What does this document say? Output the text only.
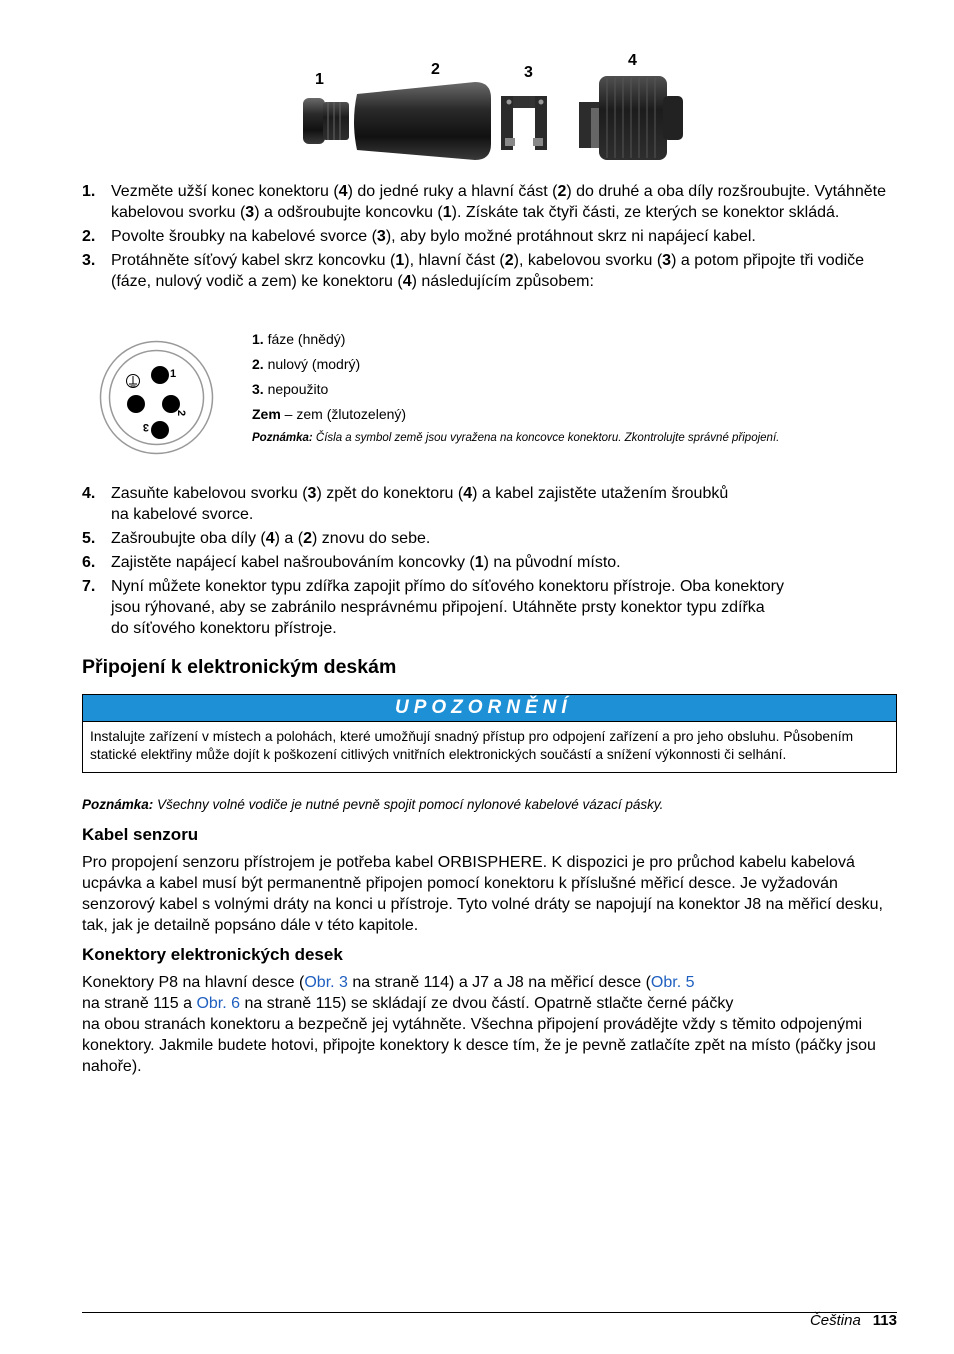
1
2	3
4
1. Vezměte užší konec konektoru (4) do jedné ruky a hlavní část (2) do druhé a oba díly rozšroubujte. Vytáhněte kabelovou svorku (3) a odšroubujte koncovku (1). Získáte tak čtyři části, ze kterých se konektor skládá.
2. Povolte šroubky na kabelové svorce (3), aby bylo možné protáhnout skrz ni napájecí kabel.
3. Protáhněte síťový kabel skrz koncovku (1), hlavní část (2), kabelovou svorku (3) a potom připojte tři vodiče (fáze, nulový vodič a zem) ke konektoru (4) následujícím způsobem:
1
2
3
1. fáze (hnědý)
2. nulový (modrý)
3. nepoužito
Zem – zem (žlutozelený)
Poznámka: Čísla a symbol země jsou vyražena na koncovce konektoru. Zkontrolujte správné připojení.
4. Zasuňte kabelovou svorku (3) zpět do konektoru (4) a kabel zajistěte utažením šroubků
na kabelové svorce.
5. Zašroubujte oba díly (4) a (2) znovu do sebe.
6. Zajistěte napájecí kabel našroubováním koncovky (1) na původní místo.
7. Nyní můžete konektor typu zdířka zapojit přímo do síťového konektoru přístroje. Oba konektory
jsou rýhované, aby se zabránilo nesprávnému připojení. Utáhněte prsty konektor typu zdířka
do síťového konektoru přístroje.
Připojení k elektronickým deskám
UPOZORNĚNÍ
Instalujte zařízení v místech a polohách, které umožňují snadný přístup pro odpojení zařízení a pro jeho obsluhu. Působením statické elektřiny může dojít k poškození citlivých vnitřních elektronických součástí a snížení výkonnosti či selhání.
Poznámka: Všechny volné vodiče je nutné pevně spojit pomocí nylonové kabelové vázací pásky.
Kabel senzoru
Pro propojení senzoru přístrojem je potřeba kabel ORBISPHERE. K dispozici je pro průchod kabelu kabelová ucpávka a kabel musí být permanentně připojen pomocí konektoru k příslušné měřicí desce. Je vyžadován senzorový kabel s volnými dráty na konci u přístroje. Tyto volné dráty se napojují na konektor J8 na měřicí desku, tak, jak je detailně popsáno dále v této kapitole.
Konektory elektronických desek
Konektory P8 na hlavní desce (Obr. 3 na straně 114) a J7 a J8 na měřicí desce (Obr. 5
na straně 115 a Obr. 6 na straně 115) se skládají ze dvou částí. Opatrně stlačte černé páčky
na obou stranách konektoru a bezpečně jej vytáhněte. Všechna připojení provádějte vždy s těmito odpojenými konektory. Jakmile budete hotovi, připojte konektory k desce tím, že je pevně zatlačíte zpět na místo (páčky jsou nahoře).
Čeština 113
